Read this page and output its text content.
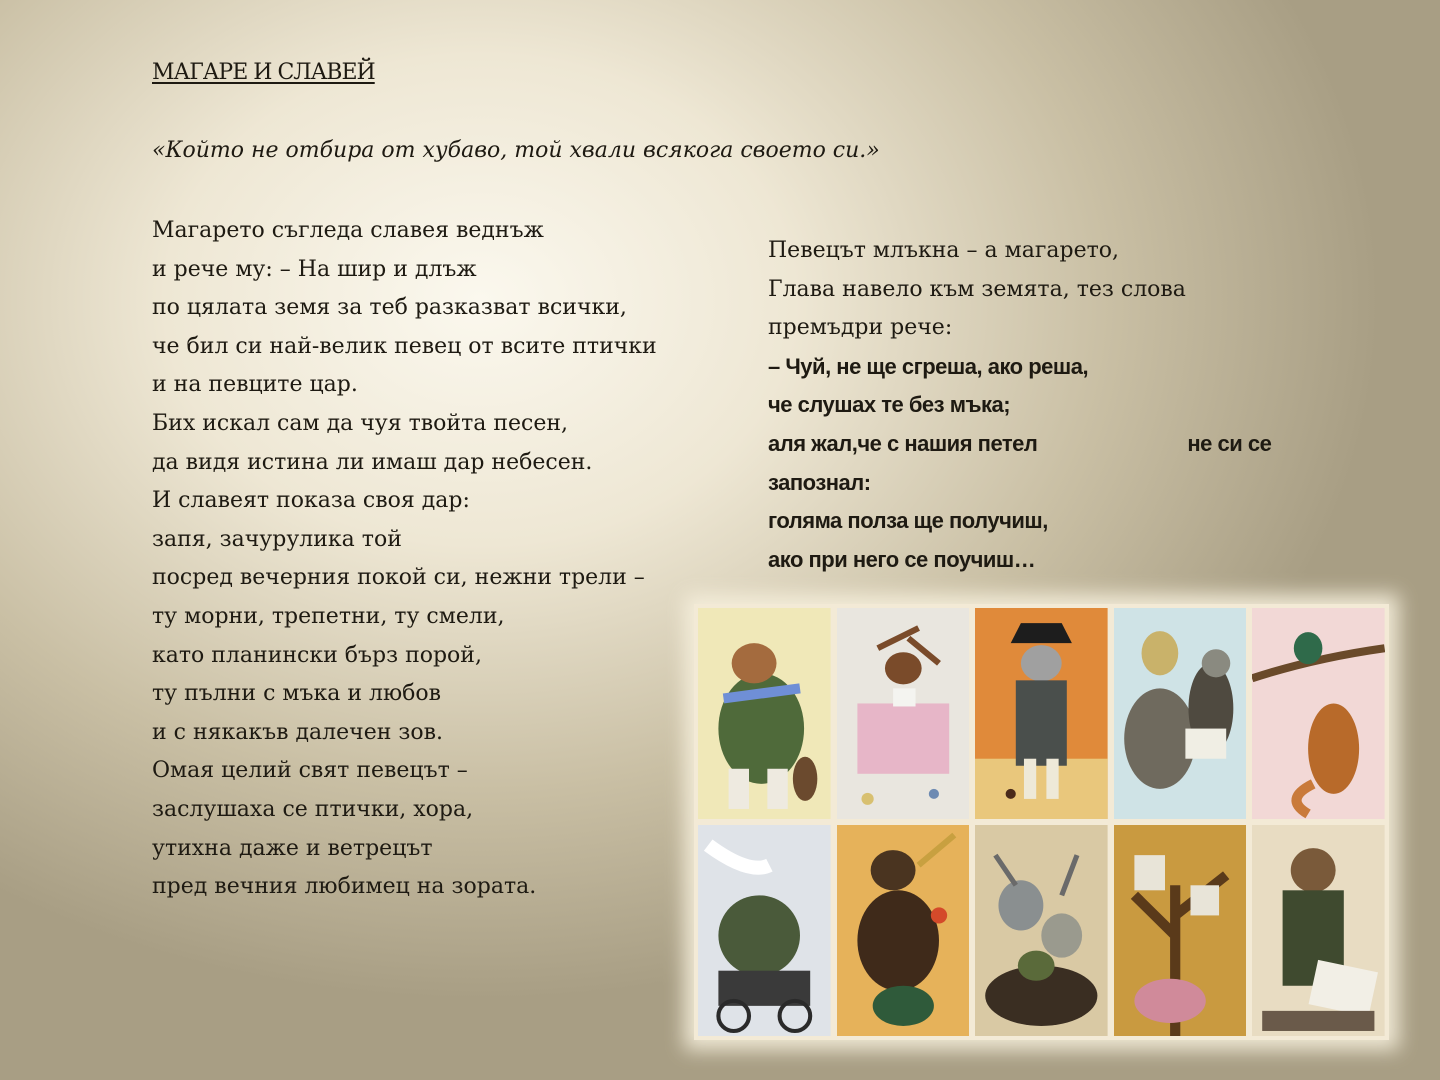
МАГАРЕ И СЛАВЕЙ
«Който не отбира от хубаво, той хвали всякога своето си.»
Магарето съгледа славея веднъж
и рече му: – На шир и длъж
по цялата земя за теб разказват всички,
че бил си най-велик певец от всите птички
и на певците цар.
Бих искал сам да чуя твойта песен,
да видя истина ли имаш дар небесен.
И славеят показа своя дар:
запя, зачурулика той
посред вечерния покой си, нежни трели –
ту морни, трепетни, ту смели,
като планински бърз порой,
ту пълни с мъка и любов
и с някакъв далечен зов.
Омая целий свят певецът –
заслушаха се птички, хора,
утихна даже и ветрецът
пред вечния любимец на зората.
Певецът млъкна – а магарето,
Глава навело към земята, тез слова
премъдри рече:
– Чуй, не ще сгреша, ако реша,
че слушах те без мъка;
аля жал,че с нашия петел	не си се
запознал:
голяма полза ще получиш,
ако при него се поучиш…
